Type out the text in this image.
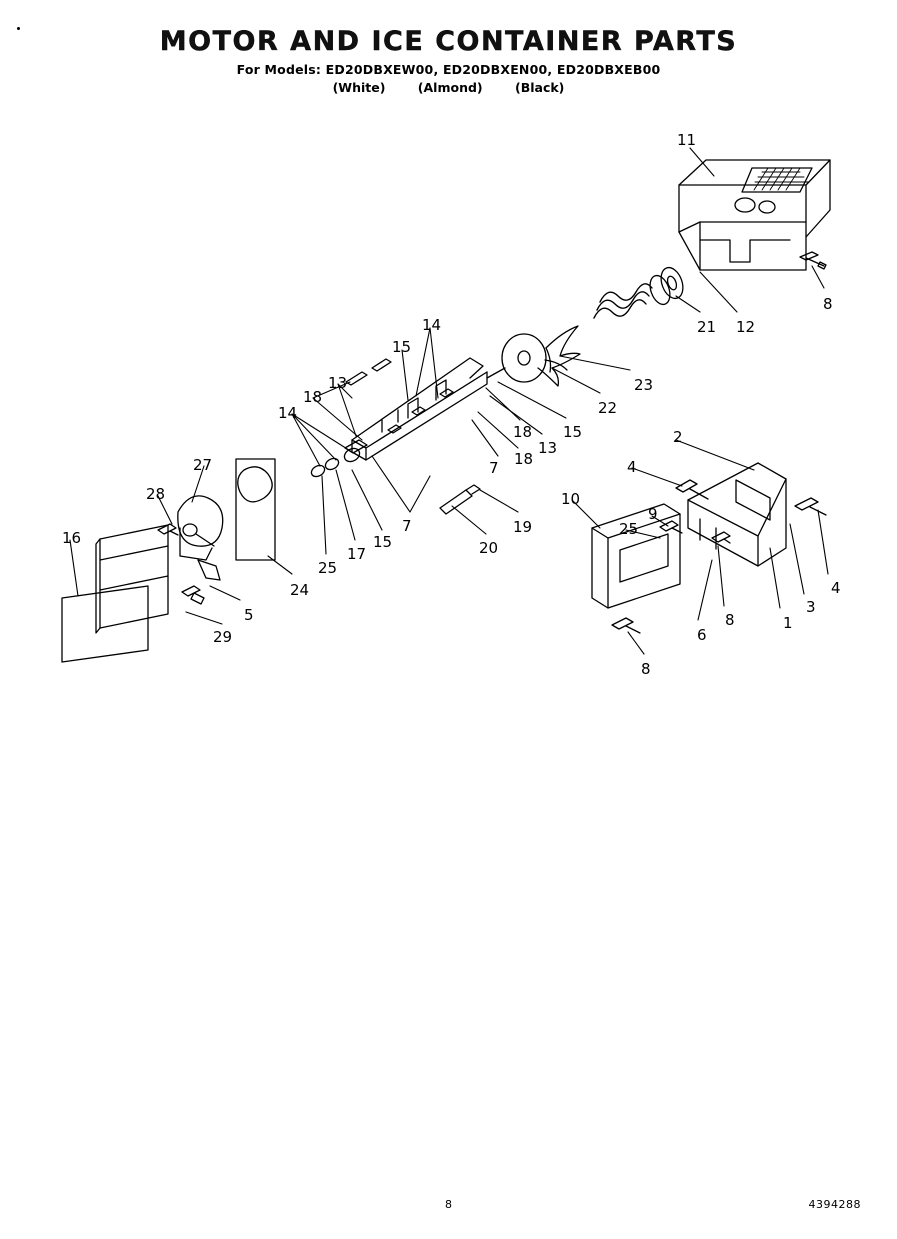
MOTOR AND ICE CONTAINER PARTS
For Models: ED20DBXEW00, ED20DBXEN00, ED20DBXEB00
(White)	(Almond)	(Black)
11
8
12
21
14
15
23
13
18
22
14
15
18
13
2
27	7 18	4
28	10
9
25
19
16
7
15	20
17
25
24	4
3
1
5	8
6
29
8
8	4394288
